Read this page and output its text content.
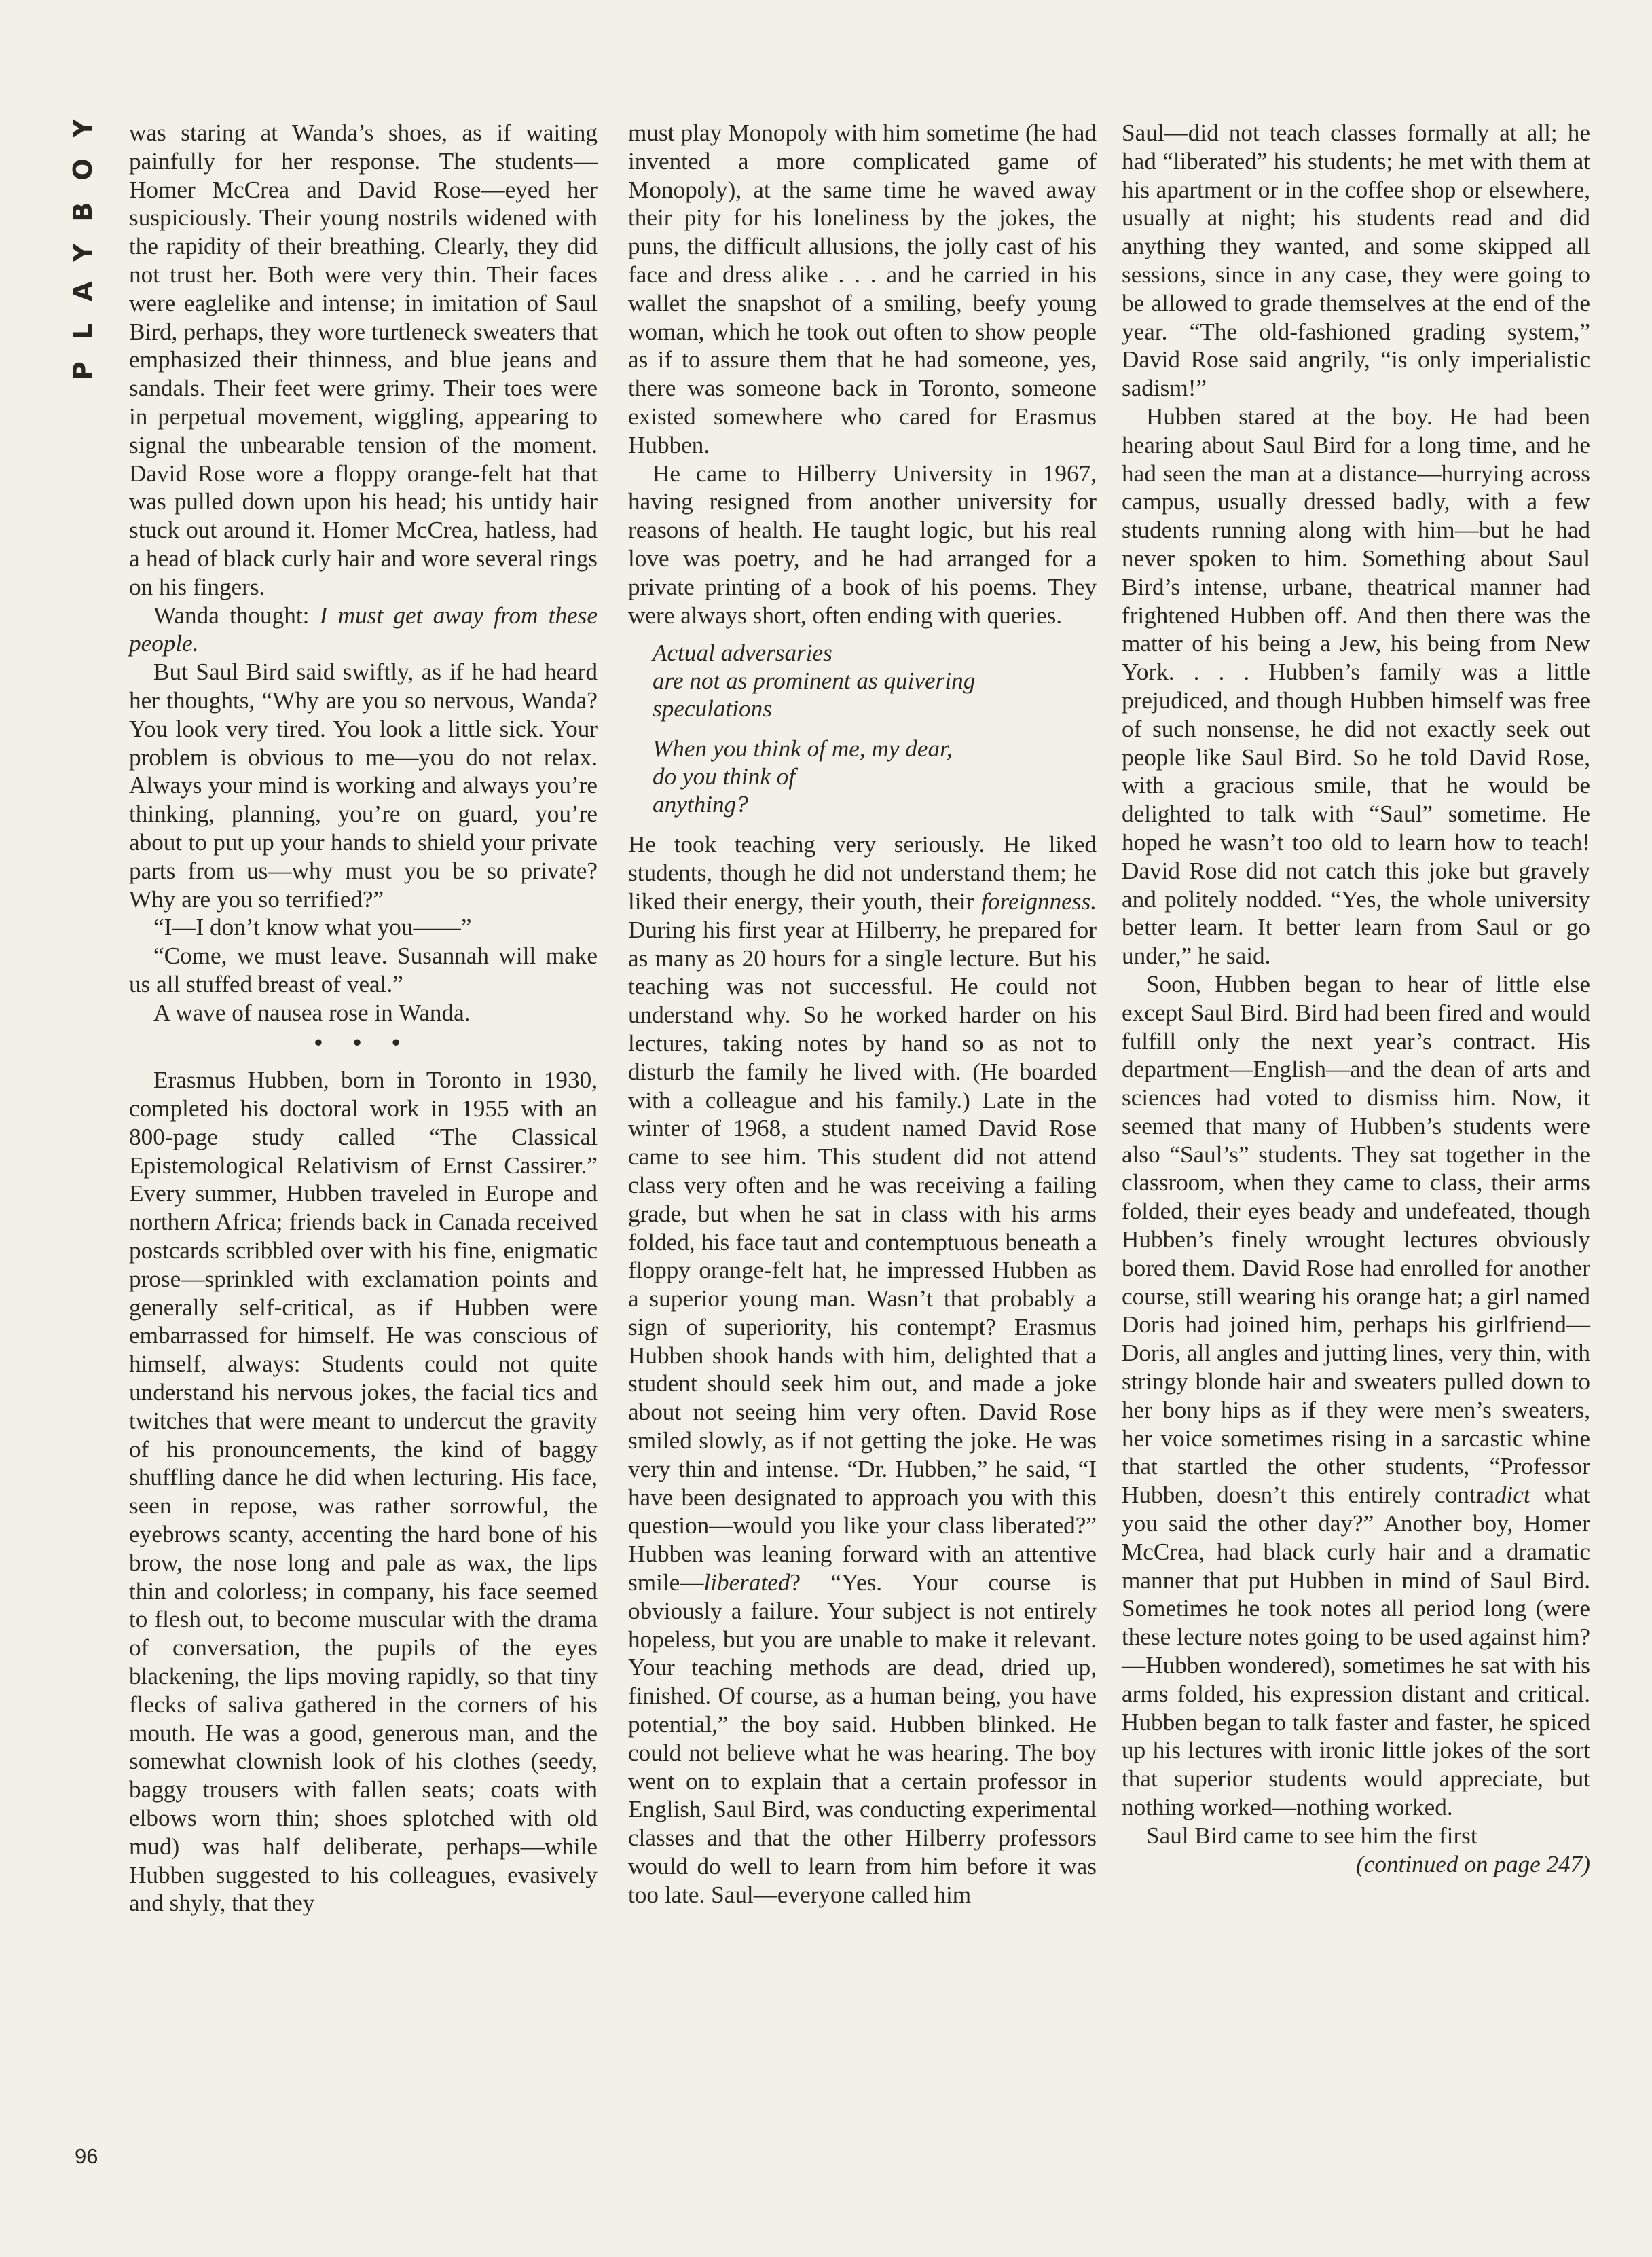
PLAYBOY
96

was staring at Wanda’s shoes, as if waiting painfully for her response. The students—Homer McCrea and David Rose—eyed her suspiciously. Their young nostrils widened with the rapidity of their breathing. Clearly, they did not trust her. Both were very thin. Their faces were eaglelike and intense; in imitation of Saul Bird, perhaps, they wore turtleneck sweaters that emphasized their thinness, and blue jeans and sandals. Their feet were grimy. Their toes were in perpetual movement, wiggling, appearing to signal the unbearable tension of the moment. David Rose wore a floppy orange-felt hat that was pulled down upon his head; his untidy hair stuck out around it. Homer McCrea, hatless, had a head of black curly hair and wore several rings on his fingers.

Wanda thought: I must get away from these people.

But Saul Bird said swiftly, as if he had heard her thoughts, “Why are you so nervous, Wanda? You look very tired. You look a little sick. Your problem is obvious to me—you do not relax. Always your mind is working and always you’re thinking, planning, you’re on guard, you’re about to put up your hands to shield your private parts from us—why must you be so private? Why are you so terrified?”

“I—I don’t know what you——”

“Come, we must leave. Susannah will make us all stuffed breast of veal.”

A wave of nausea rose in Wanda.

• • •

Erasmus Hubben, born in Toronto in 1930, completed his doctoral work in 1955 with an 800-page study called “The Classical Epistemological Relativism of Ernst Cassirer.” Every summer, Hubben traveled in Europe and northern Africa; friends back in Canada received postcards scribbled over with his fine, enigmatic prose—sprinkled with exclamation points and generally self-critical, as if Hubben were embarrassed for himself. He was conscious of himself, always: Students could not quite understand his nervous jokes, the facial tics and twitches that were meant to undercut the gravity of his pronouncements, the kind of baggy shuffling dance he did when lecturing. His face, seen in repose, was rather sorrowful, the eyebrows scanty, accenting the hard bone of his brow, the nose long and pale as wax, the lips thin and colorless; in company, his face seemed to flesh out, to become muscular with the drama of conversation, the pupils of the eyes blackening, the lips moving rapidly, so that tiny flecks of saliva gathered in the corners of his mouth. He was a good, generous man, and the somewhat clownish look of his clothes (seedy, baggy trousers with fallen seats; coats with elbows worn thin; shoes splotched with old mud) was half deliberate, perhaps—while Hubben suggested to his colleagues, evasively and shyly, that they

must play Monopoly with him sometime (he had invented a more complicated game of Monopoly), at the same time he waved away their pity for his loneliness by the jokes, the puns, the difficult allusions, the jolly cast of his face and dress alike . . . and he carried in his wallet the snapshot of a smiling, beefy young woman, which he took out often to show people as if to assure them that he had someone, yes, there was someone back in Toronto, someone existed somewhere who cared for Erasmus Hubben.

He came to Hilberry University in 1967, having resigned from another university for reasons of health. He taught logic, but his real love was poetry, and he had arranged for a private printing of a book of his poems. They were always short, often ending with queries.

Actual adversaries
are not as prominent as quivering
speculations

When you think of me, my dear,
do you think of
anything?

He took teaching very seriously. He liked students, though he did not understand them; he liked their energy, their youth, their foreignness. During his first year at Hilberry, he prepared for as many as 20 hours for a single lecture. But his teaching was not successful. He could not understand why. So he worked harder on his lectures, taking notes by hand so as not to disturb the family he lived with. (He boarded with a colleague and his family.) Late in the winter of 1968, a student named David Rose came to see him. This student did not attend class very often and he was receiving a failing grade, but when he sat in class with his arms folded, his face taut and contemptuous beneath a floppy orange-felt hat, he impressed Hubben as a superior young man. Wasn’t that probably a sign of superiority, his contempt? Erasmus Hubben shook hands with him, delighted that a student should seek him out, and made a joke about not seeing him very often. David Rose smiled slowly, as if not getting the joke. He was very thin and intense. “Dr. Hubben,” he said, “I have been designated to approach you with this question—would you like your class liberated?” Hubben was leaning forward with an attentive smile—liberated? “Yes. Your course is obviously a failure. Your subject is not entirely hopeless, but you are unable to make it relevant. Your teaching methods are dead, dried up, finished. Of course, as a human being, you have potential,” the boy said. Hubben blinked. He could not believe what he was hearing. The boy went on to explain that a certain professor in English, Saul Bird, was conducting experimental classes and that the other Hilberry professors would do well to learn from him before it was too late. Saul—everyone called him

Saul—did not teach classes formally at all; he had “liberated” his students; he met with them at his apartment or in the coffee shop or elsewhere, usually at night; his students read and did anything they wanted, and some skipped all sessions, since in any case, they were going to be allowed to grade themselves at the end of the year. “The old-fashioned grading system,” David Rose said angrily, “is only imperialistic sadism!”

Hubben stared at the boy. He had been hearing about Saul Bird for a long time, and he had seen the man at a distance—hurrying across campus, usually dressed badly, with a few students running along with him—but he had never spoken to him. Something about Saul Bird’s intense, urbane, theatrical manner had frightened Hubben off. And then there was the matter of his being a Jew, his being from New York. . . . Hubben’s family was a little prejudiced, and though Hubben himself was free of such nonsense, he did not exactly seek out people like Saul Bird. So he told David Rose, with a gracious smile, that he would be delighted to talk with “Saul” sometime. He hoped he wasn’t too old to learn how to teach! David Rose did not catch this joke but gravely and politely nodded. “Yes, the whole university better learn. It better learn from Saul or go under,” he said.

Soon, Hubben began to hear of little else except Saul Bird. Bird had been fired and would fulfill only the next year’s contract. His department—English—and the dean of arts and sciences had voted to dismiss him. Now, it seemed that many of Hubben’s students were also “Saul’s” students. They sat together in the classroom, when they came to class, their arms folded, their eyes beady and undefeated, though Hubben’s finely wrought lectures obviously bored them. David Rose had enrolled for another course, still wearing his orange hat; a girl named Doris had joined him, perhaps his girlfriend—Doris, all angles and jutting lines, very thin, with stringy blonde hair and sweaters pulled down to her bony hips as if they were men’s sweaters, her voice sometimes rising in a sarcastic whine that startled the other students, “Professor Hubben, doesn’t this entirely contradict what you said the other day?” Another boy, Homer McCrea, had black curly hair and a dramatic manner that put Hubben in mind of Saul Bird. Sometimes he took notes all period long (were these lecture notes going to be used against him?—Hubben wondered), sometimes he sat with his arms folded, his expression distant and critical. Hubben began to talk faster and faster, he spiced up his lectures with ironic little jokes of the sort that superior students would appreciate, but nothing worked—nothing worked.

Saul Bird came to see him the first

(continued on page 247)
